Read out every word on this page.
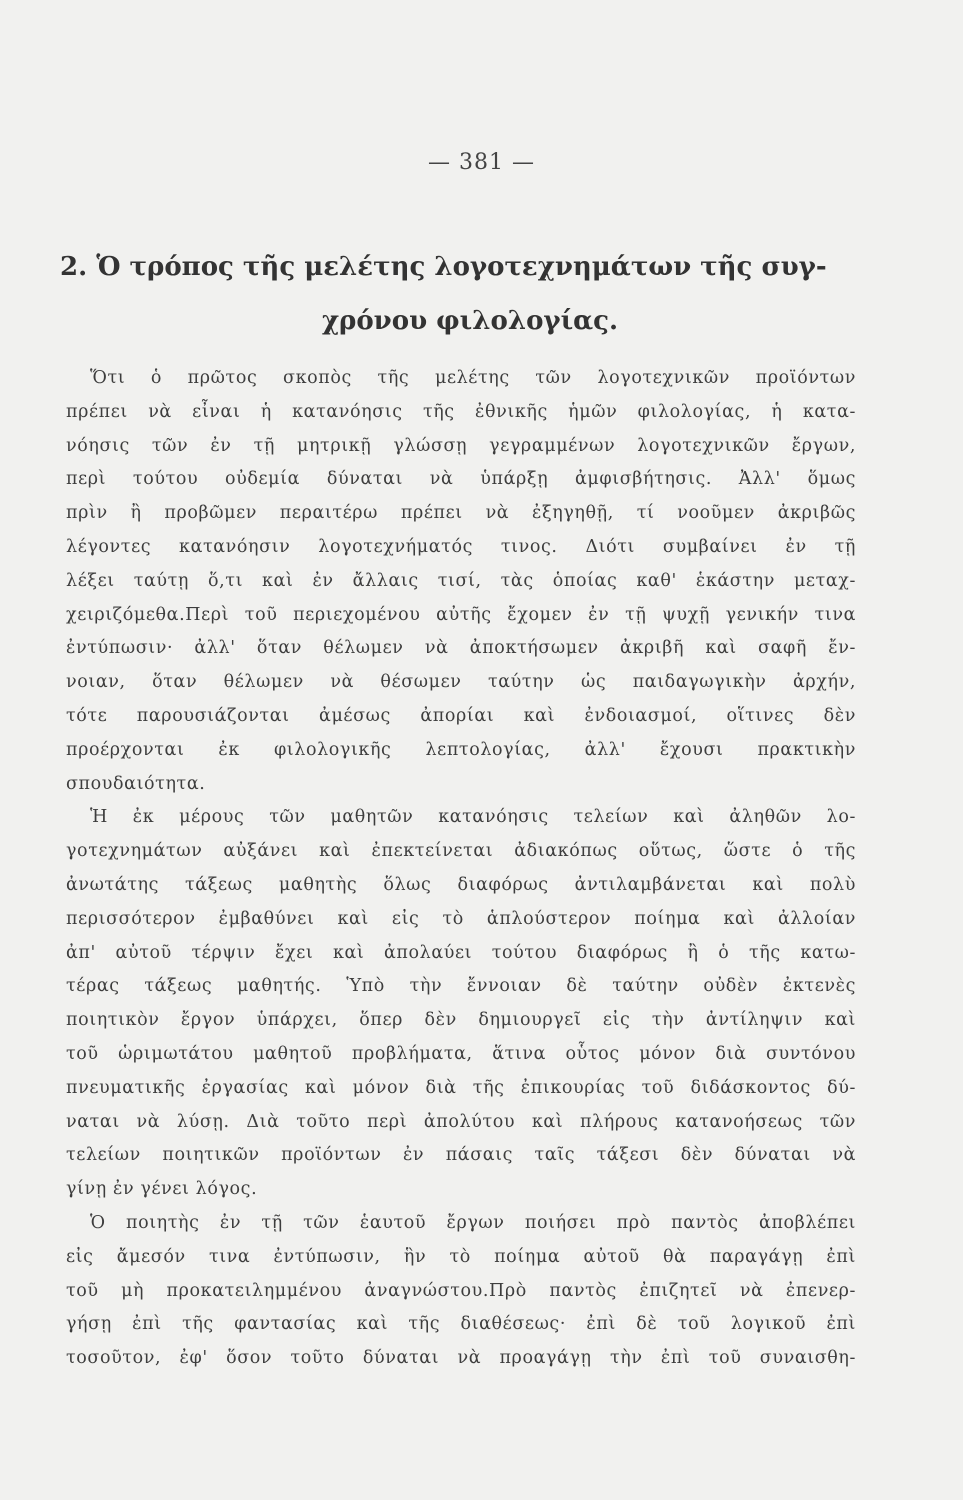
— 381 —
2. Ὁ τρόπος τῆς μελέτης λογοτεχνημάτων τῆς συγ-
χρόνου φιλολογίας.
Ὅτι ὁ πρῶτος σκοπὸς τῆς μελέτης τῶν λογοτεχνικῶν προϊόντων
πρέπει νὰ εἶναι ἡ κατανόησις τῆς ἐθνικῆς ἡμῶν φιλολογίας, ἡ κατα-
νόησις τῶν ἐν τῇ μητρικῇ γλώσσῃ γεγραμμένων λογοτεχνικῶν ἔργων,
περὶ τούτου οὐδεμία δύναται νὰ ὑπάρξῃ ἀμφισβήτησις. Ἀλλ' ὅμως
πρὶν ἢ προβῶμεν περαιτέρω πρέπει νὰ ἐξηγηθῇ, τί νοοῦμεν ἀκριβῶς
λέγοντες κατανόησιν λογοτεχνήματός τινος. Διότι συμβαίνει ἐν τῇ
λέξει ταύτῃ ὅ,τι καὶ ἐν ἄλλαις τισί, τὰς ὁποίας καθ' ἑκάστην μεταχ-
χειριζόμεθα.Περὶ τοῦ περιεχομένου αὐτῆς ἔχομεν ἐν τῇ ψυχῇ γενικήν τινα
ἐντύπωσιν· ἀλλ' ὅταν θέλωμεν νὰ ἀποκτήσωμεν ἀκριβῆ καὶ σαφῆ ἔν-
νοιαν, ὅταν θέλωμεν νὰ θέσωμεν ταύτην ὡς παιδαγωγικὴν ἀρχήν,
τότε παρουσιάζονται ἀμέσως ἀπορίαι καὶ ἐνδοιασμοί, οἵτινες δὲν
προέρχονται ἐκ φιλολογικῆς λεπτολογίας, ἀλλ' ἔχουσι πρακτικὴν
σπουδαιότητα.
Ἡ ἐκ μέρους τῶν μαθητῶν κατανόησις τελείων καὶ ἀληθῶν λο-
γοτεχνημάτων αὐξάνει καὶ ἐπεκτείνεται ἀδιακόπως οὕτως, ὥστε ὁ τῆς
ἀνωτάτης τάξεως μαθητὴς ὅλως διαφόρως ἀντιλαμβάνεται καὶ πολὺ
περισσότερον ἐμβαθύνει καὶ εἰς τὸ ἁπλούστερον ποίημα καὶ ἀλλοίαν
ἀπ' αὐτοῦ τέρψιν ἔχει καὶ ἀπολαύει τούτου διαφόρως ἢ ὁ τῆς κατω-
τέρας τάξεως μαθητής. Ὑπὸ τὴν ἔννοιαν δὲ ταύτην οὐδὲν ἐκτενὲς
ποιητικὸν ἔργον ὑπάρχει, ὅπερ δὲν δημιουργεῖ εἰς τὴν ἀντίληψιν καὶ
τοῦ ὡριμωτάτου μαθητοῦ προβλήματα, ἅτινα οὗτος μόνον διὰ συντόνου
πνευματικῆς ἐργασίας καὶ μόνον διὰ τῆς ἐπικουρίας τοῦ διδάσκοντος δύ-
ναται νὰ λύσῃ. Διὰ τοῦτο περὶ ἀπολύτου καὶ πλήρους κατανοήσεως τῶν
τελείων ποιητικῶν προϊόντων ἐν πάσαις ταῖς τάξεσι δὲν δύναται νὰ
γίνῃ ἐν γένει λόγος.
Ὁ ποιητὴς ἐν τῇ τῶν ἑαυτοῦ ἔργων ποιήσει πρὸ παντὸς ἀποβλέπει
εἰς ἄμεσόν τινα ἐντύπωσιν, ἣν τὸ ποίημα αὐτοῦ θὰ παραγάγῃ ἐπὶ
τοῦ μὴ προκατειλημμένου ἀναγνώστου.Πρὸ παντὸς ἐπιζητεῖ νὰ ἐπενερ-
γήσῃ ἐπὶ τῆς φαντασίας καὶ τῆς διαθέσεως· ἐπὶ δὲ τοῦ λογικοῦ ἐπὶ
τοσοῦτον, ἐφ' ὅσον τοῦτο δύναται νὰ προαγάγῃ τὴν ἐπὶ τοῦ συναισθη-
